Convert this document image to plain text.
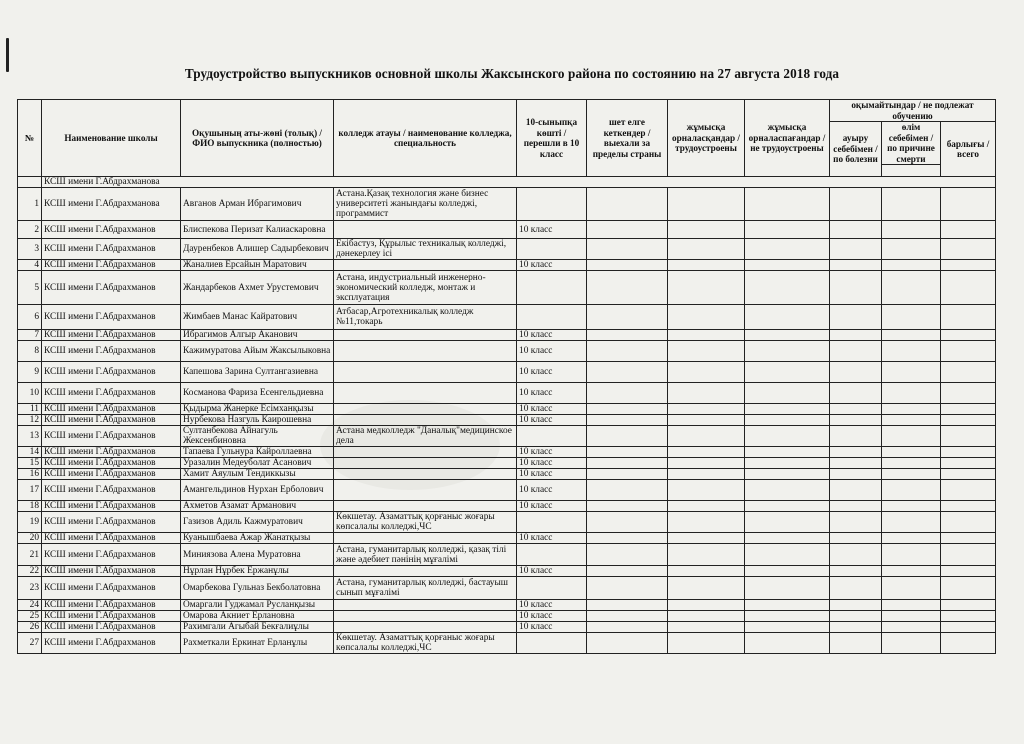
Трудоустройство выпускников основной школы Жаксынского района по состоянию на 27 августа 2018 года
№	Наименование школы	Оқушының аты-жөні (толық) / ФИО выпускника (полностью)	колледж атауы / наименование колледжа, специальность	10-сыныпқа көшті / перешли в 10 класс	шет елге кеткендер / выехали за пределы страны	жұмысқа орналасқандар / трудоустроены	жұмысқа орналаспағандар / не трудоустроены	оқымайтындар / не подлежат обучению		
								ауыру себебімен / по болезни	өлім себебімен / по причине смерти	барлығы / всего

	КСШ имени Г.Абдрахманова									
1	КСШ имени Г.Абдрахманова	Авганов Арман Ибрагимович	Астана.Қазақ технология және бизнес университеті жанындағы колледжі, программист							
2	КСШ имени Г.Абдрахманов	Блиспекова Перизат Калиаскаровна		10 класс						
3	КСШ имени Г.Абдрахманов	Дауренбеков Алишер Садырбекович	Екібастуз, Құрылыс техникалық колледжі, дәнекерлеу ісі							
4	КСШ имени Г.Абдрахманов	Жаналиев Ерсайын Маратович		10 класс						
5	КСШ имени Г.Абдрахманов	Жандарбеков Ахмет Урустемович	Астана, индустриальный инженерно-экономический колледж, монтаж и эксплуатация							
6	КСШ имени Г.Абдрахманов	Жимбаев Манас Кайратович	Атбасар,Агротехникалық колледж №11,токарь							
7	КСШ имени Г.Абдрахманов	Ибрагимов Алгыр Аканович		10 класс						
8	КСШ имени Г.Абдрахманов	Кажимуратова Айым Жаксылыковна		10 класс						
9	КСШ имени Г.Абдрахманов	Капешова Зарина Султангазиевна		10 класс						
10	КСШ имени Г.Абдрахманов	Косманова Фариза Есенгельдиевна		10 класс						
11	КСШ имени Г.Абдрахманов	Қыдырма Жанерке Есімханқызы		10 класс						
12	КСШ имени Г.Абдрахманов	Нурбекова Назгуль Каирошевна		10 класс						
13	КСШ имени Г.Абдрахманов	Султанбекова Айнагуль Жексенбиновна	Астана медколледж "Даналық"медицинское дела							
14	КСШ имени Г.Абдрахманов	Тапаева Гульнура Кайроллаевна		10 класс						
15	КСШ имени Г.Абдрахманов	Уразалин Медеуболат Асанович		10 класс						
16	КСШ имени Г.Абдрахманов	Хамит Аяулым Тендиккызы		10 класс						
17	КСШ имени Г.Абдрахманов	Амангельдинов Нурхан Ерболович		10 класс						
18	КСШ имени Г.Абдрахманов	Ахметов Азамат Арманович		10 класс						
19	КСШ имени Г.Абдрахманов	Газизов Адиль Кажмуратович	Көкшетау. Азаматтық қорғаныс жоғары көпсалалы колледжі,ЧС							
20	КСШ имени Г.Абдрахманов	Куанышбаева Ажар Жанатқызы		10 класс						
21	КСШ имени Г.Абдрахманов	Миниязова Алена Муратовна	Астана, гуманитарлық колледжі, қазақ тілі және әдебиет пәнінің мұғалімі							
22	КСШ имени Г.Абдрахманов	Нұрлан Нұрбек Ержанұлы		10 класс						
23	КСШ имени Г.Абдрахманов	Омарбекова Гульназ Бекболатовна	Астана, гуманитарлық колледжі, бастауыш сынып мұғалімі							
24	КСШ имени Г.Абдрахманов	Омаргали Гуджамал Русланқызы		10 класс						
25	КСШ имени Г.Абдрахманов	Омарова Акниет Ерлановна		10 класс						
26	КСШ имени Г.Абдрахманов	Рахимгали Агыбай Бекғалиұлы		10 класс						
27	КСШ имени Г.Абдрахманов	Рахметкали Еркинат Ерланұлы	Көкшетау. Азаматтық қорғаныс жоғары көпсалалы колледжі,ЧС							
